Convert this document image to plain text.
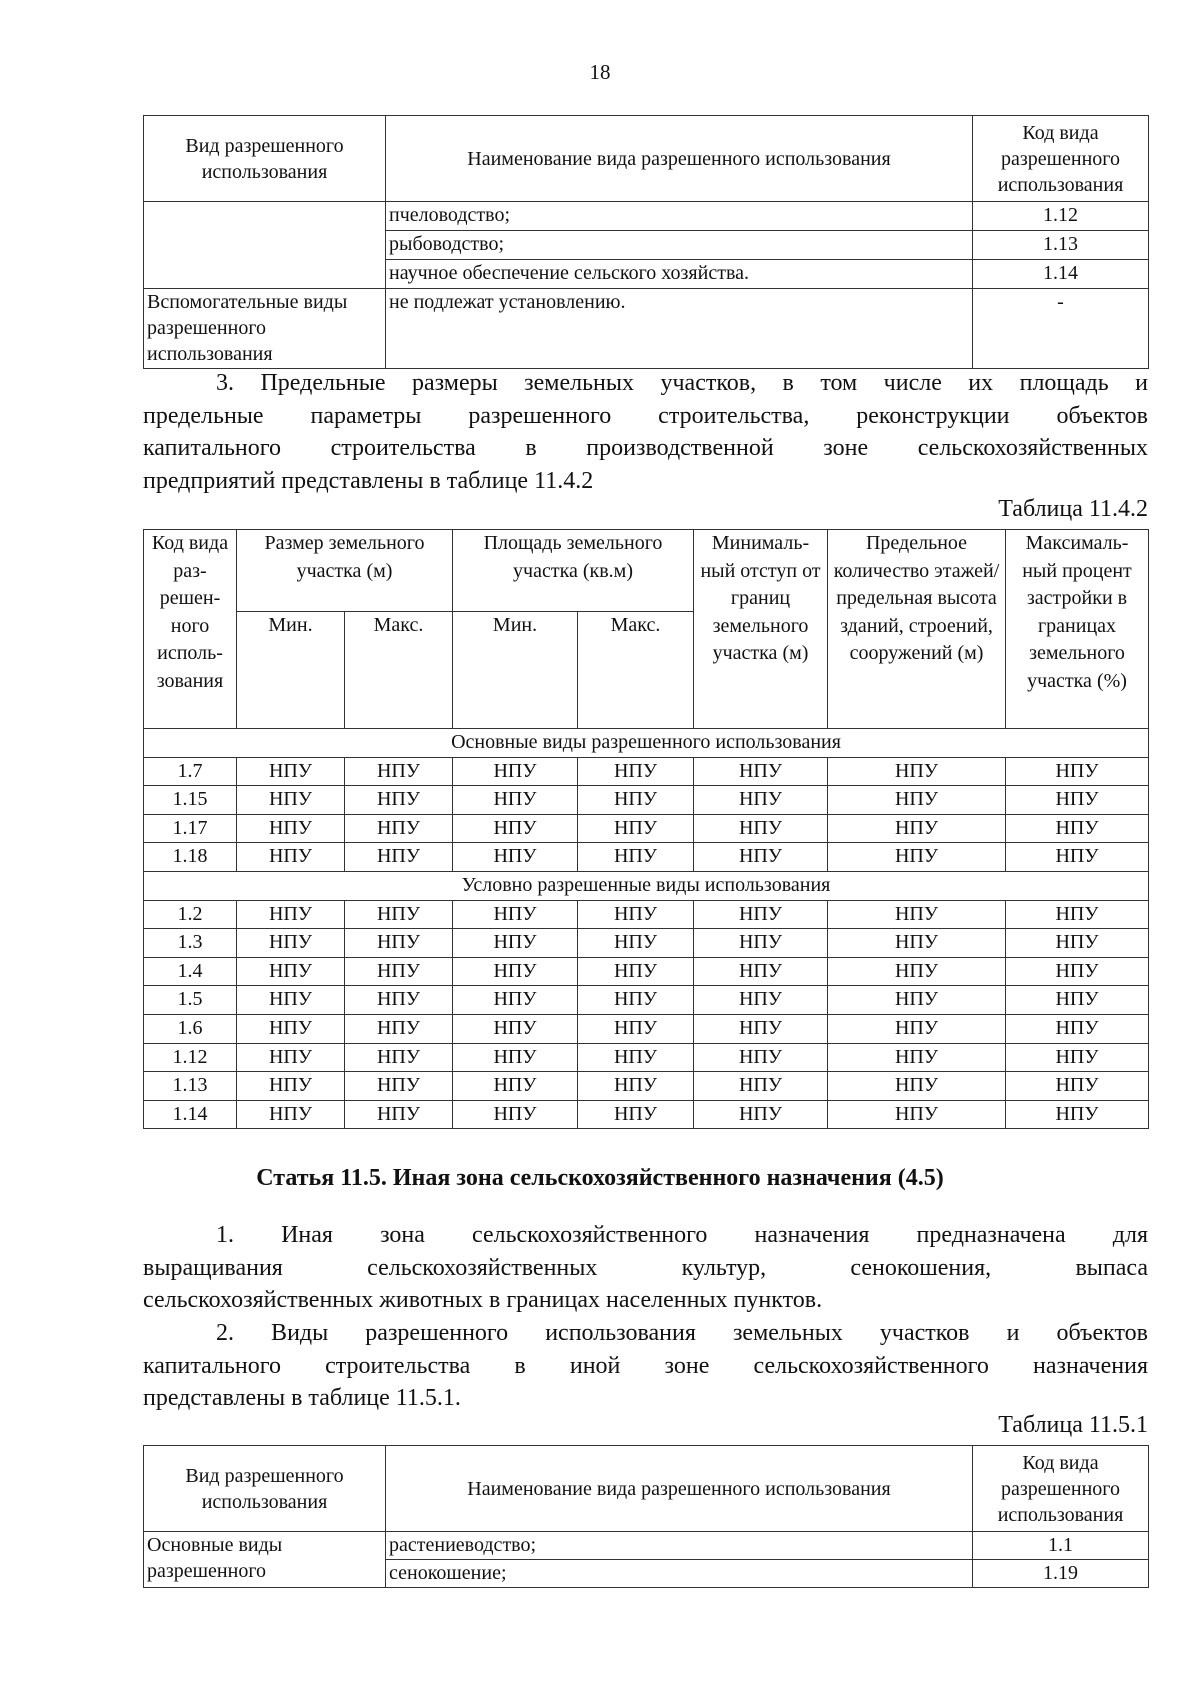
18
Вид разрешенного использования	Наименование вида разрешенного использования	Код вида разрешенного использования
	пчеловодство;	1.12
	рыбоводство;	1.13
	научное обеспечение сельского хозяйства.	1.14
Вспомогательные виды разрешенного использования	не подлежат установлению.	-
3. Предельные размеры земельных участков, в том числе их площадь и
предельные параметры разрешенного строительства, реконструкции объектов
капитального строительства в производственной зоне сельскохозяйственных
предприятий представлены в таблице 11.4.2
Таблица 11.4.2
Код вида раз- решен- ного исполь- зования	Размер земельного участка (м)		Площадь земельного участка (кв.м)		Минималь- ный отступ от границ земельного участка (м)	Предельное количество этажей/ предельная высота зданий, строений, сооружений (м)	Максималь- ный процент застройки в границах земельного участка (%)
	Мин.	Макс.	Мин.	Макс.			
Основные виды разрешенного использования							
1.7	НПУ	НПУ	НПУ	НПУ	НПУ	НПУ	НПУ
1.15	НПУ	НПУ	НПУ	НПУ	НПУ	НПУ	НПУ
1.17	НПУ	НПУ	НПУ	НПУ	НПУ	НПУ	НПУ
1.18	НПУ	НПУ	НПУ	НПУ	НПУ	НПУ	НПУ
Условно разрешенные виды использования							
1.2	НПУ	НПУ	НПУ	НПУ	НПУ	НПУ	НПУ
1.3	НПУ	НПУ	НПУ	НПУ	НПУ	НПУ	НПУ
1.4	НПУ	НПУ	НПУ	НПУ	НПУ	НПУ	НПУ
1.5	НПУ	НПУ	НПУ	НПУ	НПУ	НПУ	НПУ
1.6	НПУ	НПУ	НПУ	НПУ	НПУ	НПУ	НПУ
1.12	НПУ	НПУ	НПУ	НПУ	НПУ	НПУ	НПУ
1.13	НПУ	НПУ	НПУ	НПУ	НПУ	НПУ	НПУ
1.14	НПУ	НПУ	НПУ	НПУ	НПУ	НПУ	НПУ
Статья 11.5. Иная зона сельскохозяйственного назначения (4.5)
1. Иная зона сельскохозяйственного назначения предназначена для
выращивания сельскохозяйственных культур, сенокошения, выпаса
сельскохозяйственных животных в границах населенных пунктов.
2. Виды разрешенного использования земельных участков и объектов
капитального строительства в иной зоне сельскохозяйственного назначения
представлены в таблице 11.5.1.
Таблица 11.5.1
Вид разрешенного использования	Наименование вида разрешенного использования	Код вида разрешенного использования
Основные виды разрешенного	растениеводство;	1.1
	сенокошение;	1.19
